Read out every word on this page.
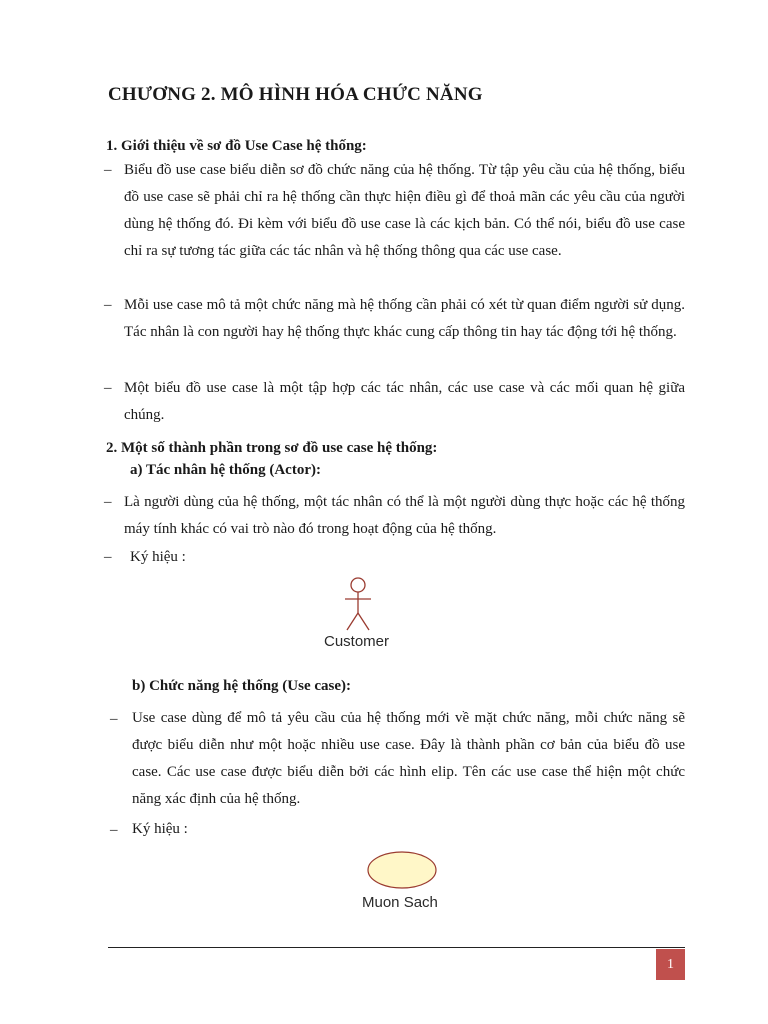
CHƯƠNG 2. MÔ HÌNH HÓA CHỨC NĂNG
1. Giới thiệu về sơ đồ Use Case hệ thống:
– Biểu đồ use case biểu diễn sơ đồ chức năng của hệ thống. Từ tập yêu cầu của hệ thống, biểu đồ use case sẽ phải chỉ ra hệ thống cần thực hiện điều gì để thoả mãn các yêu cầu của người dùng hệ thống đó. Đi kèm với biểu đồ use case là các kịch bản. Có thể nói, biểu đồ use case chỉ ra sự tương tác giữa các tác nhân và hệ thống thông qua các use case.
– Mỗi use case mô tả một chức năng mà hệ thống cần phải có xét từ quan điểm người sử dụng. Tác nhân là con người hay hệ thống thực khác cung cấp thông tin hay tác động tới hệ thống.
– Một biểu đồ use case là một tập hợp các tác nhân, các use case và các mối quan hệ giữa chúng.
2. Một số thành phần trong sơ đồ use case hệ thống:
a) Tác nhân hệ thống (Actor):
– Là người dùng của hệ thống, một tác nhân có thể là một người dùng thực hoặc các hệ thống máy tính khác có vai trò nào đó trong hoạt động của hệ thống.
– Ký hiệu :
Customer
b) Chức năng hệ thống (Use case):
– Use case dùng để mô tả yêu cầu của hệ thống mới về mặt chức năng, mỗi chức năng sẽ được biểu diễn như một hoặc nhiều use case. Đây là thành phần cơ bản của biểu đồ use case. Các use case được biểu diễn bởi các hình elip. Tên các use case thể hiện một chức năng xác định của hệ thống.
– Ký hiệu :
Muon Sach
1
